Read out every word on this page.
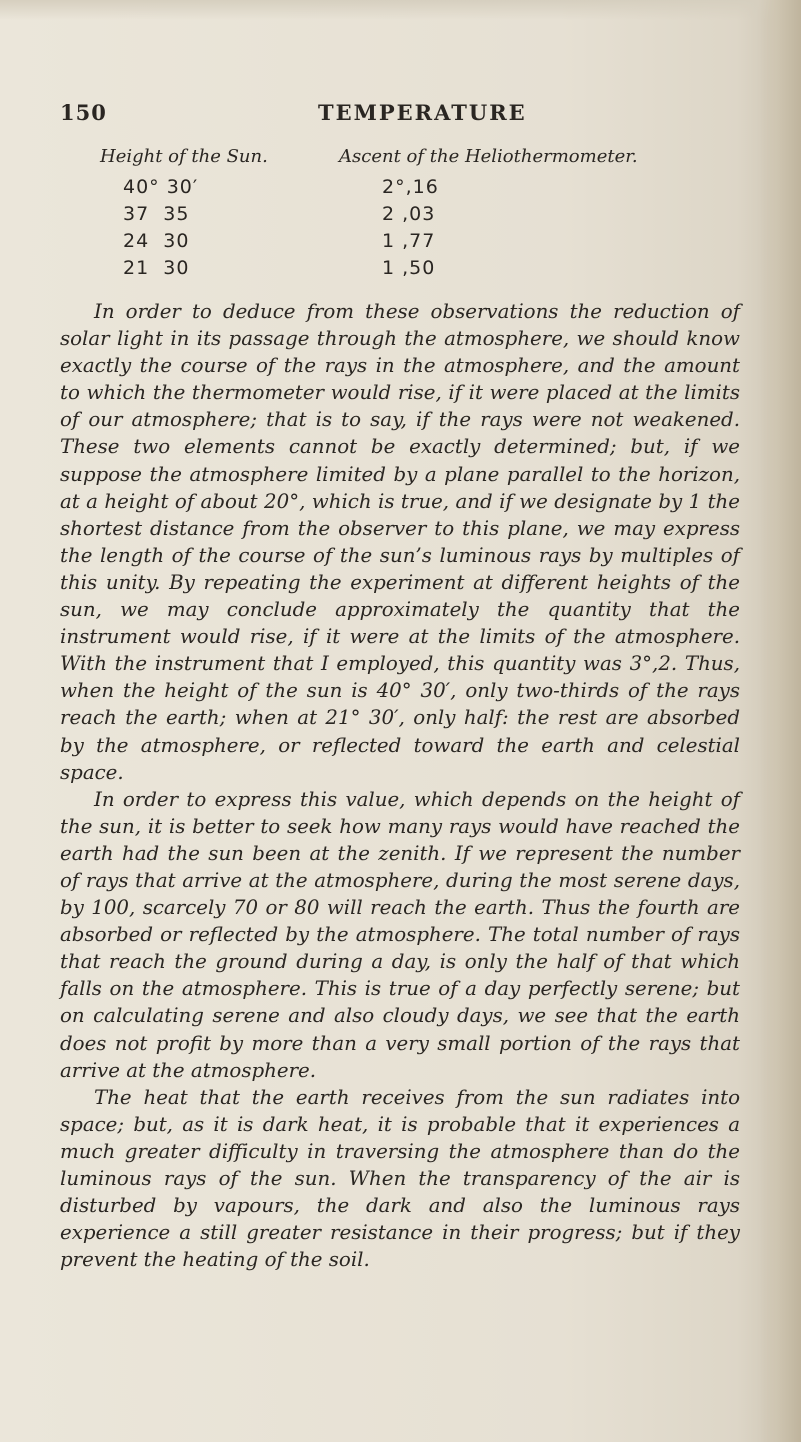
150	TEMPERATURE
Height of the Sun.	Ascent of the Heliothermometer.
40° 30′	2°,16
37  35	2 ,03
24  30	1 ,77
21  30	1 ,50

In order to deduce from these observations the reduction of solar light in its passage through the atmosphere, we should know exactly the course of the rays in the atmosphere, and the amount to which the thermometer would rise, if it were placed at the limits of our atmosphere; that is to say, if the rays were not weakened. These two elements cannot be exactly determined; but, if we suppose the atmosphere limited by a plane parallel to the horizon, at a height of about 20°, which is true, and if we designate by 1 the shortest distance from the observer to this plane, we may express the length of the course of the sun’s luminous rays by multiples of this unity. By repeating the experiment at different heights of the sun, we may conclude approximately the quantity that the instrument would rise, if it were at the limits of the atmosphere. With the instrument that I employed, this quantity was 3°,2. Thus, when the height of the sun is 40° 30′, only two-thirds of the rays reach the earth; when at 21° 30′, only half: the rest are absorbed by the atmosphere, or reflected toward the earth and celestial space.

In order to express this value, which depends on the height of the sun, it is better to seek how many rays would have reached the earth had the sun been at the zenith. If we represent the number of rays that arrive at the atmosphere, during the most serene days, by 100, scarcely 70 or 80 will reach the earth. Thus the fourth are absorbed or reflected by the atmosphere. The total number of rays that reach the ground during a day, is only the half of that which falls on the atmosphere. This is true of a day perfectly serene; but on calculating serene and also cloudy days, we see that the earth does not profit by more than a very small portion of the rays that arrive at the atmosphere.

The heat that the earth receives from the sun radiates into space; but, as it is dark heat, it is probable that it experiences a much greater difficulty in traversing the atmosphere than do the luminous rays of the sun. When the transparency of the air is disturbed by vapours, the dark and also the luminous rays experience a still greater resistance in their progress; but if they prevent the heating of the soil.
